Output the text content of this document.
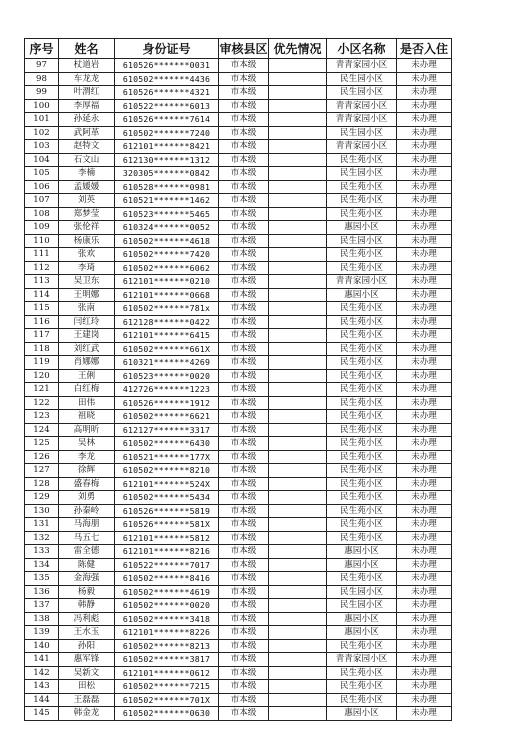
序号	姓名	身份证号	审核县区	优先情况	小区名称	是否入住
97	杖道岩	610526*******0031	市本级		青青家园小区	未办理
98	车龙龙	610502*******4436	市本级		民生园小区	未办理
99	叶渭红	610526*******4321	市本级		民生园小区	未办理
100	李厚福	610522*******6013	市本级		青青家园小区	未办理
101	孙延永	610526*******7614	市本级		青青家园小区	未办理
102	武阿革	610502*******7240	市本级		民生园小区	未办理
103	赵特文	612101*******8421	市本级		青青家园小区	未办理
104	石文山	612130*******1312	市本级		民生苑小区	未办理
105	李楠	320305*******0842	市本级		民生园小区	未办理
106	孟媛媛	610528*******0981	市本级		民生苑小区	未办理
107	刘英	610521*******1462	市本级		民生苑小区	未办理
108	郑梦莹	610523*******5465	市本级		民生苑小区	未办理
109	张伦祥	610324*******0052	市本级		惠园小区	未办理
110	杨康乐	610502*******4618	市本级		民生园小区	未办理
111	张欢	610502*******7420	市本级		民生苑小区	未办理
112	李琦	610502*******6062	市本级		民生苑小区	未办理
113	吴卫东	612101*******0210	市本级		青青家园小区	未办理
114	王明娜	612101*******0668	市本级		惠园小区	未办理
115	张南	610502*******781x	市本级		民生苑小区	未办理
116	闫红玲	612128*******0422	市本级		民生苑小区	未办理
117	王建岗	612101*******6415	市本级		民生苑小区	未办理
118	刘红武	610502*******661X	市本级		民生苑小区	未办理
119	肖娜娜	610321*******4269	市本级		民生苑小区	未办理
120	王俐	610523*******0020	市本级		民生苑小区	未办理
121	白红梅	412726*******1223	市本级		民生苑小区	未办理
122	田伟	610526*******1912	市本级		民生苑小区	未办理
123	祖晓	610502*******6621	市本级		民生苑小区	未办理
124	高明昕	612127*******3317	市本级		民生苑小区	未办理
125	吴林	610502*******6430	市本级		民生苑小区	未办理
126	李龙	610521*******177X	市本级		民生苑小区	未办理
127	徐辉	610502*******8210	市本级		民生苑小区	未办理
128	盛春梅	612101*******524X	市本级		民生苑小区	未办理
129	刘勇	610502*******5434	市本级		民生苑小区	未办理
130	孙秦岭	610526*******5819	市本级		民生苑小区	未办理
131	马海朋	610526*******581X	市本级		民生苑小区	未办理
132	马五七	612101*******5812	市本级		民生苑小区	未办理
133	雷全德	612101*******8216	市本级		惠园小区	未办理
134	陈健	610522*******7017	市本级		惠园小区	未办理
135	金海强	610502*******8416	市本级		民生苑小区	未办理
136	杨毅	610502*******4619	市本级		民生园小区	未办理
137	韩静	610502*******0020	市本级		民生园小区	未办理
138	冯利彪	610502*******3418	市本级		惠园小区	未办理
139	王水玉	612101*******8226	市本级		惠园小区	未办理
140	孙阳	610502*******8213	市本级		民生苑小区	未办理
141	惠军锋	610502*******3817	市本级		青青家园小区	未办理
142	吴新文	612101*******0612	市本级		民生苑小区	未办理
143	田松	610502*******7215	市本级		民生苑小区	未办理
144	王磊磊	610502*******701X	市本级		民生苑小区	未办理
145	韩金龙	610502*******0630	市本级		惠园小区	未办理
